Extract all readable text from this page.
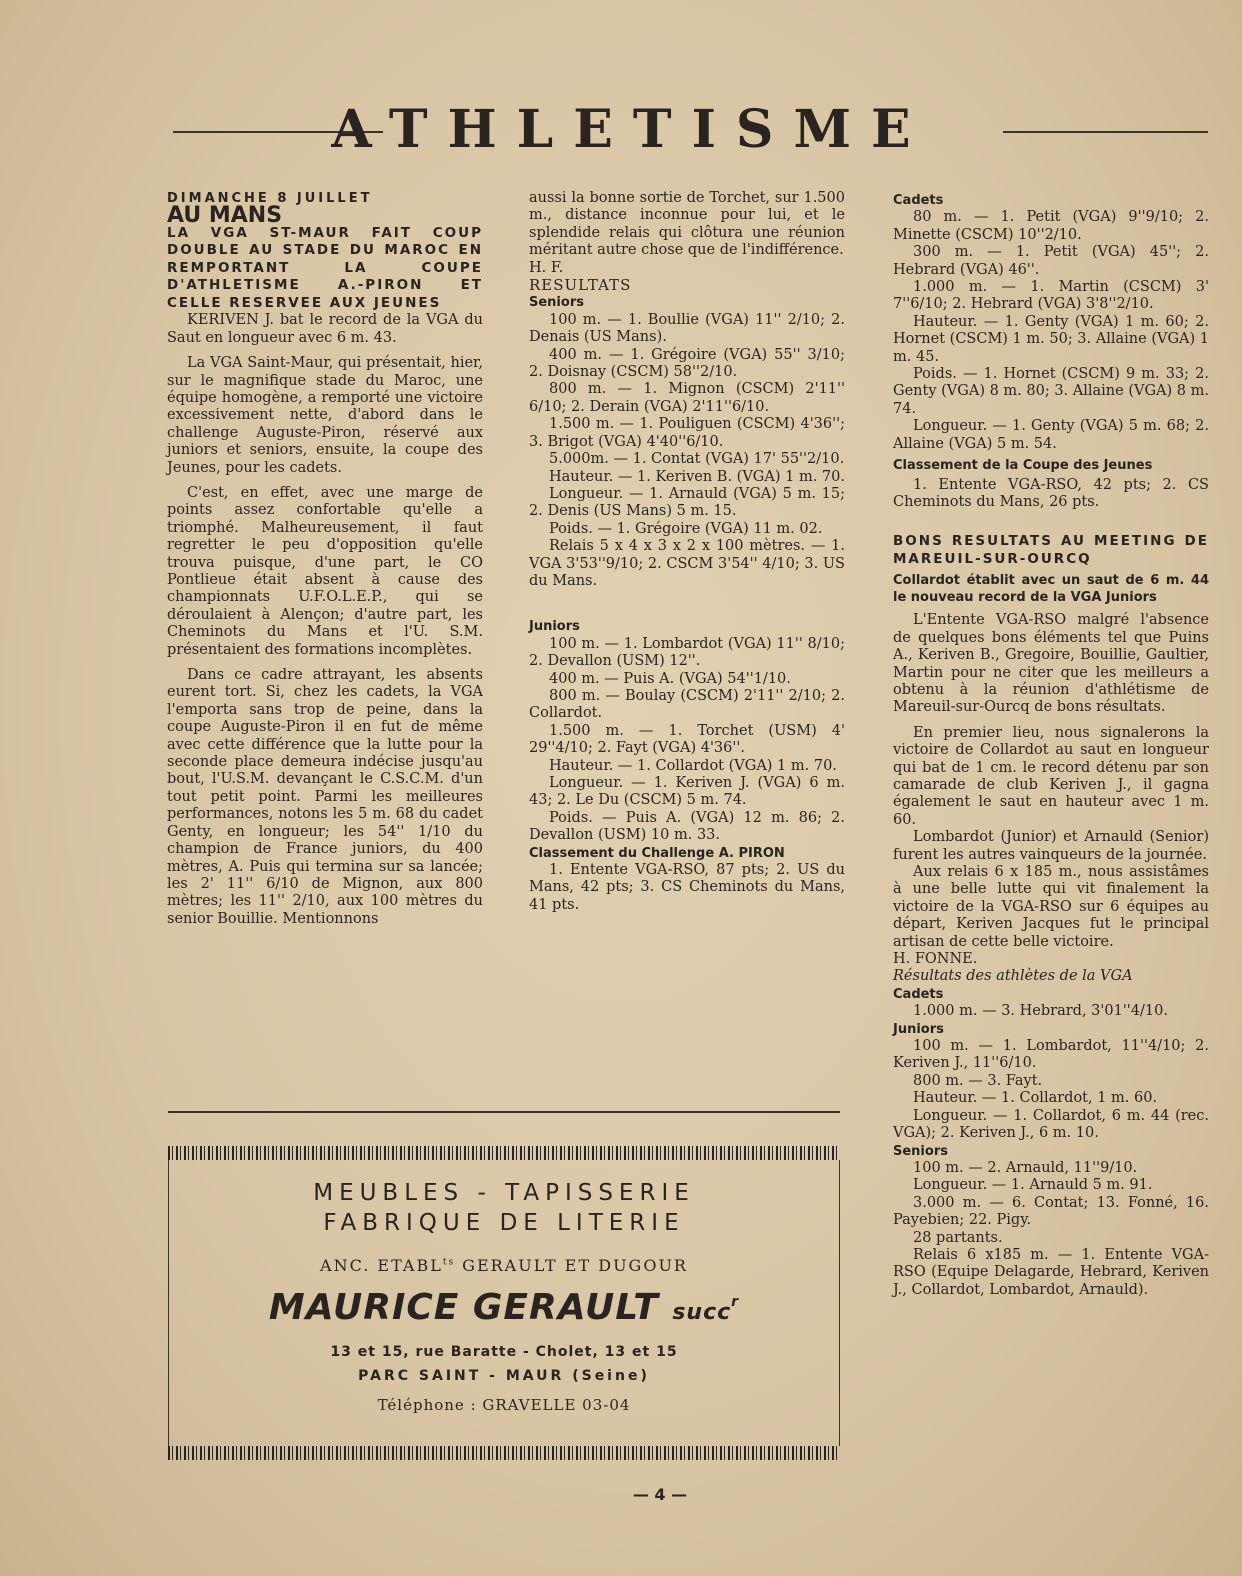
ATHLETISME

DIMANCHE 8 JUILLET

AU MANS

LA VGA ST-MAUR FAIT COUP DOUBLE AU STADE DU MAROC EN REMPORTANT LA COUPE D'ATHLETISME A.-PIRON ET CELLE RESERVEE AUX JEUNES

KERIVEN J. bat le record de la VGA du Saut en longueur avec 6 m. 43.

La VGA Saint-Maur, qui présentait, hier, sur le magnifique stade du Maroc, une équipe homogène, a remporté une victoire excessivement nette, d'abord dans le challenge Auguste-Piron, réservé aux juniors et seniors, ensuite, la coupe des Jeunes, pour les cadets.

C'est, en effet, avec une marge de points assez confortable qu'elle a triomphé. Malheureusement, il faut regretter le peu d'opposition qu'elle trouva puisque, d'une part, le CO Pontlieue était absent à cause des championnats U.F.O.L.E.P., qui se déroulaient à Alençon; d'autre part, les Cheminots du Mans et l'U. S.M. présentaient des formations incomplètes.

Dans ce cadre attrayant, les absents eurent tort. Si, chez les cadets, la VGA l'emporta sans trop de peine, dans la coupe Auguste-Piron il en fut de même avec cette différence que la lutte pour la seconde place demeura indécise jusqu'au bout, l'U.S.M. devançant le C.S.C.M. d'un tout petit point. Parmi les meilleures performances, notons les 5 m. 68 du cadet Genty, en longueur; les 54'' 1/10 du champion de France juniors, du 400 mètres, A. Puis qui termina sur sa lancée; les 2' 11'' 6/10 de Mignon, aux 800 mètres; les 11'' 2/10, aux 100 mètres du senior Bouillie. Mentionnons

aussi la bonne sortie de Torchet, sur 1.500 m., distance inconnue pour lui, et le splendide relais qui clôtura une réunion méritant autre chose que de l'indifférence.

H. F.

RESULTATS

Seniors

100 m. — 1. Boullie (VGA) 11'' 2/10; 2. Denais (US Mans).

400 m. — 1. Grégoire (VGA) 55'' 3/10; 2. Doisnay (CSCM) 58''2/10.

800 m. — 1. Mignon (CSCM) 2'11'' 6/10; 2. Derain (VGA) 2'11''6/10.

1.500 m. — 1. Pouliguen (CSCM) 4'36''; 3. Brigot (VGA) 4'40''6/10.

5.000m. — 1. Contat (VGA) 17' 55''2/10.

Hauteur. — 1. Keriven B. (VGA) 1 m. 70.

Longueur. — 1. Arnauld (VGA) 5 m. 15; 2. Denis (US Mans) 5 m. 15.

Poids. — 1. Grégoire (VGA) 11 m. 02.

Relais 5 x 4 x 3 x 2 x 100 mètres. — 1. VGA 3'53''9/10; 2. CSCM 3'54'' 4/10; 3. US du Mans.

Juniors

100 m. — 1. Lombardot (VGA) 11'' 8/10; 2. Devallon (USM) 12''.

400 m. — Puis A. (VGA) 54''1/10.

800 m. — Boulay (CSCM) 2'11'' 2/10; 2. Collardot.

1.500 m. — 1. Torchet (USM) 4' 29''4/10; 2. Fayt (VGA) 4'36''.

Hauteur. — 1. Collardot (VGA) 1 m. 70.

Longueur. — 1. Keriven J. (VGA) 6 m. 43; 2. Le Du (CSCM) 5 m. 74.

Poids. — Puis A. (VGA) 12 m. 86; 2. Devallon (USM) 10 m. 33.

Classement du Challenge A. PIRON

1. Entente VGA-RSO, 87 pts; 2. US du Mans, 42 pts; 3. CS Cheminots du Mans, 41 pts.

Cadets

80 m. — 1. Petit (VGA) 9''9/10; 2. Minette (CSCM) 10''2/10.

300 m. — 1. Petit (VGA) 45''; 2. Hebrard (VGA) 46''.

1.000 m. — 1. Martin (CSCM) 3' 7''6/10; 2. Hebrard (VGA) 3'8''2/10.

Hauteur. — 1. Genty (VGA) 1 m. 60; 2. Hornet (CSCM) 1 m. 50; 3. Allaine (VGA) 1 m. 45.

Poids. — 1. Hornet (CSCM) 9 m. 33; 2. Genty (VGA) 8 m. 80; 3. Allaine (VGA) 8 m. 74.

Longueur. — 1. Genty (VGA) 5 m. 68; 2. Allaine (VGA) 5 m. 54.

Classement de la Coupe des Jeunes

1. Entente VGA-RSO, 42 pts; 2. CS Cheminots du Mans, 26 pts.

BONS RESULTATS AU MEETING DE MAREUIL-SUR-OURCQ

Collardot établit avec un saut de 6 m. 44 le nouveau record de la VGA Juniors

L'Entente VGA-RSO malgré l'absence de quelques bons éléments tel que Puins A., Keriven B., Gregoire, Bouillie, Gaultier, Martin pour ne citer que les meilleurs a obtenu à la réunion d'athlétisme de Mareuil-sur-Ourcq de bons résultats.

En premier lieu, nous signalerons la victoire de Collardot au saut en longueur qui bat de 1 cm. le record détenu par son camarade de club Keriven J., il gagna également le saut en hauteur avec 1 m. 60.

Lombardot (Junior) et Arnauld (Senior) furent les autres vainqueurs de la journée.

Aux relais 6 x 185 m., nous assistâmes à une belle lutte qui vit finalement la victoire de la VGA-RSO sur 6 équipes au départ, Keriven Jacques fut le principal artisan de cette belle victoire.

H. FONNE.

Résultats des athlètes de la VGA

Cadets

1.000 m. — 3. Hebrard, 3'01''4/10.

Juniors

100 m. — 1. Lombardot, 11''4/10; 2. Keriven J., 11''6/10.

800 m. — 3. Fayt.

Hauteur. — 1. Collardot, 1 m. 60.

Longueur. — 1. Collardot, 6 m. 44 (rec. VGA); 2. Keriven J., 6 m. 10.

Seniors

100 m. — 2. Arnauld, 11''9/10.

Longueur. — 1. Arnauld 5 m. 91.

3.000 m. — 6. Contat; 13. Fonné, 16. Payebien; 22. Pigy.

28 partants.

Relais 6 x185 m. — 1. Entente VGA-RSO (Equipe Delagarde, Hebrard, Keriven J., Collardot, Lombardot, Arnauld).

MEUBLES - TAPISSERIE
FABRIQUE DE LITERIE
ANC. $ETABL^{ts}$ GERAULT ET DUGOUR
MAURICE GERAULT succ$^r$
13 et 15, rue Baratte - Cholet, 13 et 15
PARC SAINT - MAUR (Seine)
Téléphone : GRAVELLE 03-04
— 4 —
